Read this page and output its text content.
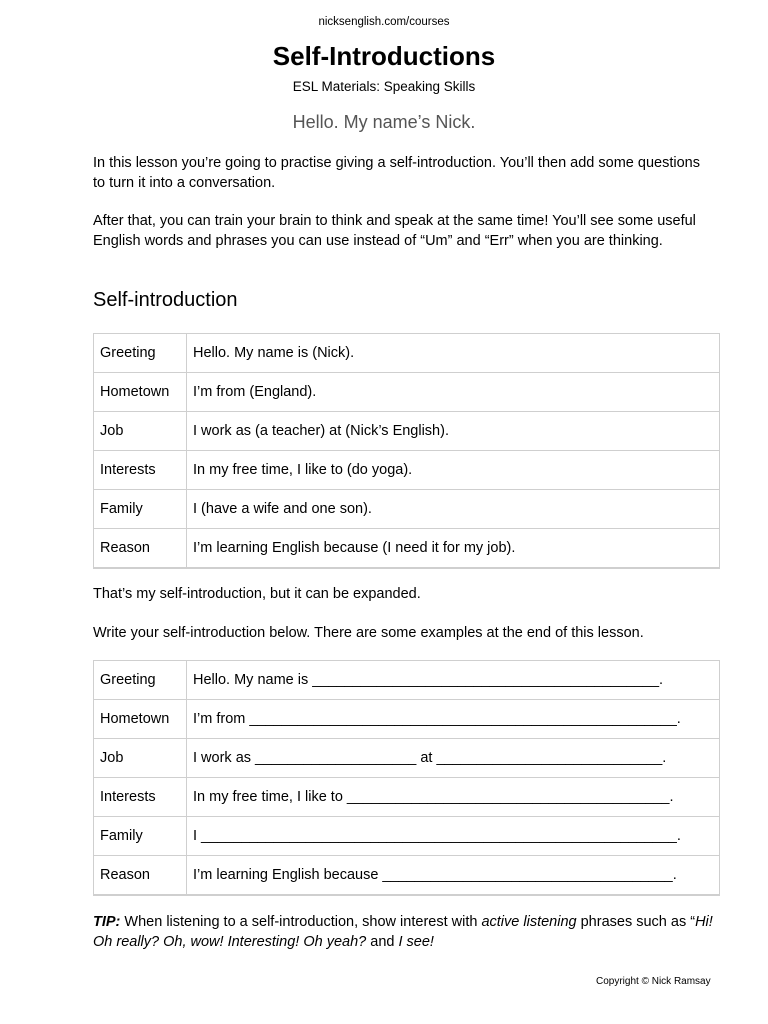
nicksenglish.com/courses
Self-Introductions
ESL Materials: Speaking Skills
Hello. My name’s Nick.
In this lesson you’re going to practise giving a self-introduction. You’ll then add some questions to turn it into a conversation.
After that, you can train your brain to think and speak at the same time! You’ll see some useful English words and phrases you can use instead of “Um” and “Err” when you are thinking.
Self-introduction
Greeting	Hello. My name is (Nick).
Hometown	I’m from (England).
Job	I work as (a teacher) at (Nick’s English).
Interests	In my free time, I like to (do yoga).
Family	I (have a wife and one son).
Reason	I’m learning English because (I need it for my job).
That’s my self-introduction, but it can be expanded.
Write your self-introduction below. There are some examples at the end of this lesson.
Greeting	Hello. My name is ___________________________________________.
Hometown	I’m from _____________________________________________________.
Job	I work as ____________________ at ____________________________.
Interests	In my free time, I like to ________________________________________.
Family	I ___________________________________________________________.
Reason	I’m learning English because ____________________________________.
TIP: When listening to a self-introduction, show interest with active listening phrases such as “Hi! Oh really? Oh, wow! Interesting! Oh yeah? and I see!
Copyright © Nick Ramsay
